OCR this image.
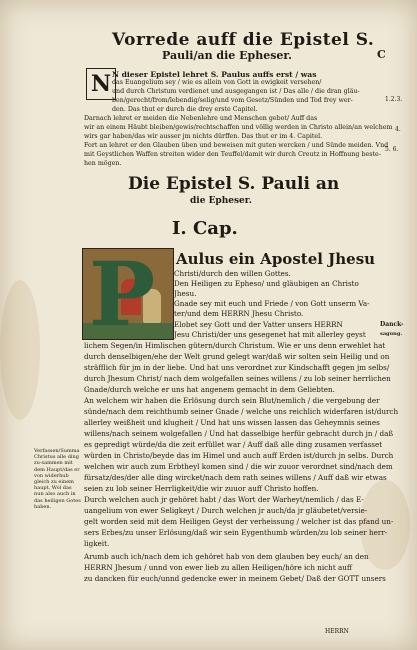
Vorrede auff die Epistel S.

Pauli/an die Epheser.	C

N N dieser Epistel lehret S. Paulus auffs erst / was

das Euangelium sey / wie es allein von Gott in ewigkeit versehen/

und durch Christum verdienet und ausgegangen ist / Das alle / die dran gläu-

ben/gerecht/from/lebendig/selig/und vom Gesetz/Sünden und Tod frey wer-

den. Das thut er durch die drey erste Capitel.

Darnach lehret er meiden die Nebenlehre und Menschen gebot/ Auff das

wir an einem Häubt bleiben/gewis/rechtschaffen und völlig werden in Christo allein/an welchem

wirs gar haben/das wir ausser jm nichts dürffen. Das thut er im 4. Capitel.

Fort an lehret er den Glauben üben und beweisen mit guten wercken / und Sünde meiden. Vnd

mit Geystlichen Waffen streiten wider den Teuffel/damit wir durch Creutz in Hoffnung beste-

hen mögen.

1.2.3.

4.

5. 6.

Die Epistel S. Pauli an

die Epheser.

I. Cap.

P Aulus ein Apostel Jhesu

Christi/durch den willen Gottes.

Den Heiligen zu Epheso/ und gläubigen an Christo

Jhesu.

Gnade sey mit euch und Friede / von Gott unserm Va-

ter/und dem HERRN Jhesu Christo.

Elobet sey Gott und der Vatter unsers HERRN

Jesu Christi/der uns gesegenet hat mit allerley geyst

Danck-

sagung.

lichem Segen/in Himlischen gütern/durch Christum. Wie er uns denn erwehlet hat

durch denselbigen/ehe der Welt grund gelegt war/daß wir solten sein Heilig und on

sträfflich für jm in der liebe. Und hat uns verordnet zur Kindschafft gegen jm selbs/

durch Jhesum Christ/ nach dem wolgefallen seines willens / zu lob seiner herrlichen

Gnade/durch welche er uns hat angenem gemacht in dem Geliebten.

An welchem wir haben die Erlösung durch sein Blut/nemlich / die vergebung der

sünde/nach dem reichthumb seiner Gnade / welche uns reichlich widerfaren ist/durch

allerley weißheit und klugheit / Und hat uns wissen lassen das Geheymnis seines

willens/nach seinem wolgefallen / Und hat dasselbige herfür gebracht durch jn / daß

es gepredigt würde/da die zeit erfüllet war / Auff daß alle ding zusamen verfasset

würden in Christo/beyde das im Himel und auch auff Erden ist/durch jn selbs. Durch

welchen wir auch zum Erbtheyl komen sind / die wir zuuor verordnet sind/nach dem

fürsatz/des/der alle ding wircket/nach dem rath seines willens / Auff daß wir etwas

seien zu lob seiner Herrligkeit/die wir zuuor auff Christo hoffen.

Durch welchen auch jr gehöret habt / das Wort der Warheyt/nemlich / das E-

uangelium von ewer Seligkeyt / Durch welchen jr auch/da jr gläubetet/versie-

gelt worden seid mit dem Heiligen Geyst der verheissung / welcher ist das pfand un-

sers Erbes/zu unser Erlösung/daß wir sein Eygenthumb würden/zu lob seiner herr-

ligkeit.

Arumb auch ich/nach dem ich gehöret hab von dem glauben bey euch/ an den

HERRN Jhesum / unnd von ewer lieb zu allen Heiligen/höre ich nicht auff

zu dancken für euch/unnd gedencke ewer in meinem Gebet/ Daß der GOTT unsers

Verfassen/Summa Christus alle ding zu-sammen mit dem Haupt/das er von widerhub gleich zu einem haupt, Wol das nun also auch in das heiligen Gotes haben.

HERRN
